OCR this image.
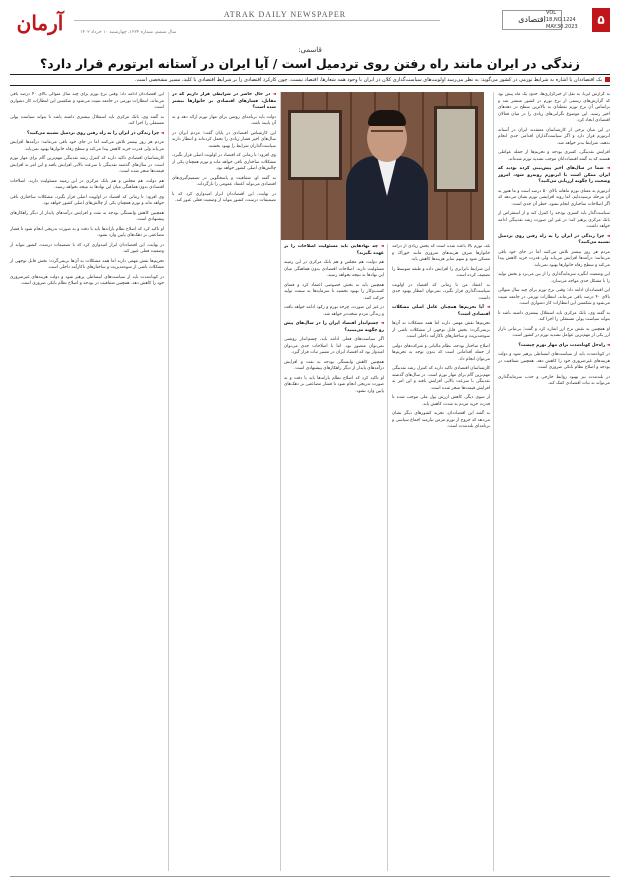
آرمان	سال ششم، شماره ۱۲۲۴، چهارشنبه ۱۰ خرداد ۱۴۰۲
ATRAK DAILY NEWSPAPER
اقتصادی
VOL 18,NO.1224
MAY.30.2023	۵
قاسمی:
زندگی در ایران مانند راه رفتن روی تردمیل است / آیا ایران در آستانه ابرتورم قرار دارد؟
یک اقتصاددان با اشاره به شرایط تورمی در کشور می‌گوید: به نظر می‌رسد اولویت‌های سیاست‌گذاری کلان در ایران با وجود همه شعارها، اقتصاد نیست، چون کارکرد اقتصادی را بر شرایط اقتصادی با کلید، مسیر مشخصی است.

به گزارش ایرنا، به نقل از خبرگزاری‌ها، حدود یک ماه پیش بود که گزارش‌های رسمی از نرخ تورم در کشور منتشر شد و براساس آن نرخ تورم نقطه‌ای به بالاترین سطح در دهه‌های اخیر رسید. این موضوع نگرانی‌های زیادی را در میان فعالان اقتصادی ایجاد کرد.

در این میان برخی از کارشناسان معتقدند ایران در آستانه ابرتورم قرار دارد و اگر سیاست‌گذاران اقدامی جدی انجام ندهند، شرایط بدتر خواهد شد.

افزایش نقدینگی، کسری بودجه و تحریم‌ها از جمله عواملی هستند که به گفته اقتصاددانان موجب تشدید تورم شده‌اند.

◄ شما در سال‌های اخیر پیش‌بینی کرده بودید که ایران ممکن است با ابرتورم روبه‌رو شود، امروز وضعیت را چگونه ارزیابی می‌کنید؟

ابرتورم به معنای تورم ماهانه بالای ۵۰ درصد است و ما هنوز به آن مرحله نرسیده‌ایم، اما روند افزایشی تورم نشان می‌دهد که اگر اصلاحات ساختاری انجام نشود، خطر آن جدی است.

سیاست‌گذار باید کسری بودجه را کنترل کند و از استقراض از بانک مرکزی پرهیز کند؛ در غیر این صورت رشد نقدینگی ادامه خواهد داشت.

◄ چرا زندگی در ایران را به راه رفتن روی تردمیل تشبیه می‌کنید؟

مردم هر روز بیشتر تلاش می‌کنند اما در جای خود باقی می‌مانند؛ درآمدها افزایش می‌یابد ولی قدرت خرید کاهش پیدا می‌کند و سطح رفاه خانوارها بهبود نمی‌یابد.

این وضعیت انگیزه سرمایه‌گذاری را از بین می‌برد و بخش تولید را با مشکل جدی مواجه می‌سازد.

این اقتصاددان ادامه داد: وقتی نرخ تورم برای چند سال متوالی بالای ۴۰ درصد باقی می‌ماند، انتظارات تورمی در جامعه تثبیت می‌شود و شکستن این انتظارات کار دشواری است.

به گفته وی، بانک مرکزی باید استقلال بیشتری داشته باشد تا بتواند سیاست پولی مستقلی را اجرا کند.

او همچنین به نقش نرخ ارز اشاره کرد و گفت: بی‌ثباتی بازار ارز یکی از مهم‌ترین عوامل تشدید تورم در کشور است.

◄ راه‌حل کوتاه‌مدت برای مهار تورم چیست؟

در کوتاه‌مدت باید از سیاست‌های انبساطی پرهیز شود و دولت هزینه‌های غیرضروری خود را کاهش دهد. همچنین شفافیت در بودجه و اصلاح نظام بانکی ضروری است.

در بلندمدت نیز بهبود روابط خارجی و جذب سرمایه‌گذاری می‌تواند به ثبات اقتصادی کمک کند.

بله، تورم بالا باعث شده است که بخش زیادی از درآمد خانوارها صرف هزینه‌های ضروری مانند خوراک و مسکن شود و سهم سایر هزینه‌ها کاهش یابد.

این شرایط نابرابری را افزایش داده و طبقه متوسط را تضعیف کرده است.

به اعتقاد من تا زمانی که اقتصاد در اولویت سیاست‌گذاری قرار نگیرد، نمی‌توان انتظار بهبود جدی داشت.

◄ آیا تحریم‌ها همچنان عامل اصلی مشکلات اقتصادی است؟

تحریم‌ها نقش مهمی دارند اما همه مشکلات به آن‌ها برنمی‌گردد؛ بخش قابل توجهی از مشکلات ناشی از سوءمدیریت و ساختارهای ناکارآمد داخلی است.

اصلاح ساختار بودجه، نظام مالیاتی و شرکت‌های دولتی از جمله اقداماتی است که بدون توجه به تحریم‌ها می‌توان انجام داد.

کارشناسان اقتصادی تاکید دارند که کنترل رشد نقدینگی مهم‌ترین گام برای مهار تورم است. در سال‌های گذشته نقدینگی با سرعت بالایی افزایش یافته و این امر به افزایش قیمت‌ها منجر شده است.

از سوی دیگر، کاهش ارزش پول ملی موجب شده تا قدرت خرید مردم به شدت کاهش یابد.

به گفته این اقتصاددان، تجربه کشورهای دیگر نشان می‌دهد که خروج از تورم مزمن نیازمند اجماع سیاسی و برنامه‌ای بلندمدت است.

◄ چه نهادهایی باید مسئولیت اصلاحات را بر عهده بگیرند؟

هم دولت، هم مجلس و هم بانک مرکزی در این زمینه مسئولیت دارند. اصلاحات اقتصادی بدون هماهنگی میان این نهادها به نتیجه نخواهد رسید.

همچنین باید به بخش خصوصی اعتماد کرد و فضای کسب‌وکار را بهبود بخشید تا سرمایه‌ها به سمت تولید حرکت کنند.

در غیر این صورت، چرخه تورم و رکود ادامه خواهد یافت و زندگی مردم سخت‌تر خواهد شد.

◄ چشم‌انداز اقتصاد ایران را در سال‌های پیش رو چگونه می‌بینید؟

اگر سیاست‌های فعلی ادامه یابد، چشم‌انداز روشنی نمی‌توان متصور بود. اما با اصلاحات جدی می‌توان امیدوار بود که اقتصاد ایران در مسیر ثبات قرار گیرد.

همچنین کاهش وابستگی بودجه به نفت و افزایش درآمدهای پایدار از دیگر راهکارهای پیشنهادی است.

او تاکید کرد که اصلاح نظام یارانه‌ها باید با دقت و به صورت تدریجی انجام شود تا فشار مضاعفی بر دهک‌های پایین وارد نشود.

◄ در حال حاضر در شرایطی قرار داریم که در مقابل، فشارهای اقتصادی بر خانوارها بیشتر شده است؟

دولت باید برنامه‌ای روشن برای مهار تورم ارائه دهد و به آن پایبند باشد.

این کارشناس اقتصادی در پایان گفت: مردم ایران در سال‌های اخیر فشار زیادی را تحمل کرده‌اند و انتظار دارند سیاست‌گذاران شرایط را بهبود بخشند.

وی افزود: تا زمانی که اقتصاد در اولویت اصلی قرار نگیرد، مشکلات ساختاری باقی خواهد ماند و تورم همچنان یکی از چالش‌های اصلی کشور خواهد بود.

به گفته او، شفافیت و پاسخگویی در تصمیم‌گیری‌های اقتصادی می‌تواند اعتماد عمومی را بازگرداند.

در نهایت، این اقتصاددان ابراز امیدواری کرد که با تصمیمات درست، کشور بتواند از وضعیت فعلی عبور کند.

این اقتصاددان ادامه داد: وقتی نرخ تورم برای چند سال متوالی بالای ۴۰ درصد باقی می‌ماند، انتظارات تورمی در جامعه تثبیت می‌شود و شکستن این انتظارات کار دشواری است.

به گفته وی، بانک مرکزی باید استقلال بیشتری داشته باشد تا بتواند سیاست پولی مستقلی را اجرا کند.

◄ چرا زندگی در ایران را به راه رفتن روی تردمیل تشبیه می‌کنید؟

مردم هر روز بیشتر تلاش می‌کنند اما در جای خود باقی می‌مانند؛ درآمدها افزایش می‌یابد ولی قدرت خرید کاهش پیدا می‌کند و سطح رفاه خانوارها بهبود نمی‌یابد.

کارشناسان اقتصادی تاکید دارند که کنترل رشد نقدینگی مهم‌ترین گام برای مهار تورم است. در سال‌های گذشته نقدینگی با سرعت بالایی افزایش یافته و این امر به افزایش قیمت‌ها منجر شده است.

هم دولت، هم مجلس و هم بانک مرکزی در این زمینه مسئولیت دارند. اصلاحات اقتصادی بدون هماهنگی میان این نهادها به نتیجه نخواهد رسید.

وی افزود: تا زمانی که اقتصاد در اولویت اصلی قرار نگیرد، مشکلات ساختاری باقی خواهد ماند و تورم همچنان یکی از چالش‌های اصلی کشور خواهد بود.

همچنین کاهش وابستگی بودجه به نفت و افزایش درآمدهای پایدار از دیگر راهکارهای پیشنهادی است.

او تاکید کرد که اصلاح نظام یارانه‌ها باید با دقت و به صورت تدریجی انجام شود تا فشار مضاعفی بر دهک‌های پایین وارد نشود.

در نهایت، این اقتصاددان ابراز امیدواری کرد که با تصمیمات درست، کشور بتواند از وضعیت فعلی عبور کند.

تحریم‌ها نقش مهمی دارند اما همه مشکلات به آن‌ها برنمی‌گردد؛ بخش قابل توجهی از مشکلات ناشی از سوءمدیریت و ساختارهای ناکارآمد داخلی است.

در کوتاه‌مدت باید از سیاست‌های انبساطی پرهیز شود و دولت هزینه‌های غیرضروری خود را کاهش دهد. همچنین شفافیت در بودجه و اصلاح نظام بانکی ضروری است.
